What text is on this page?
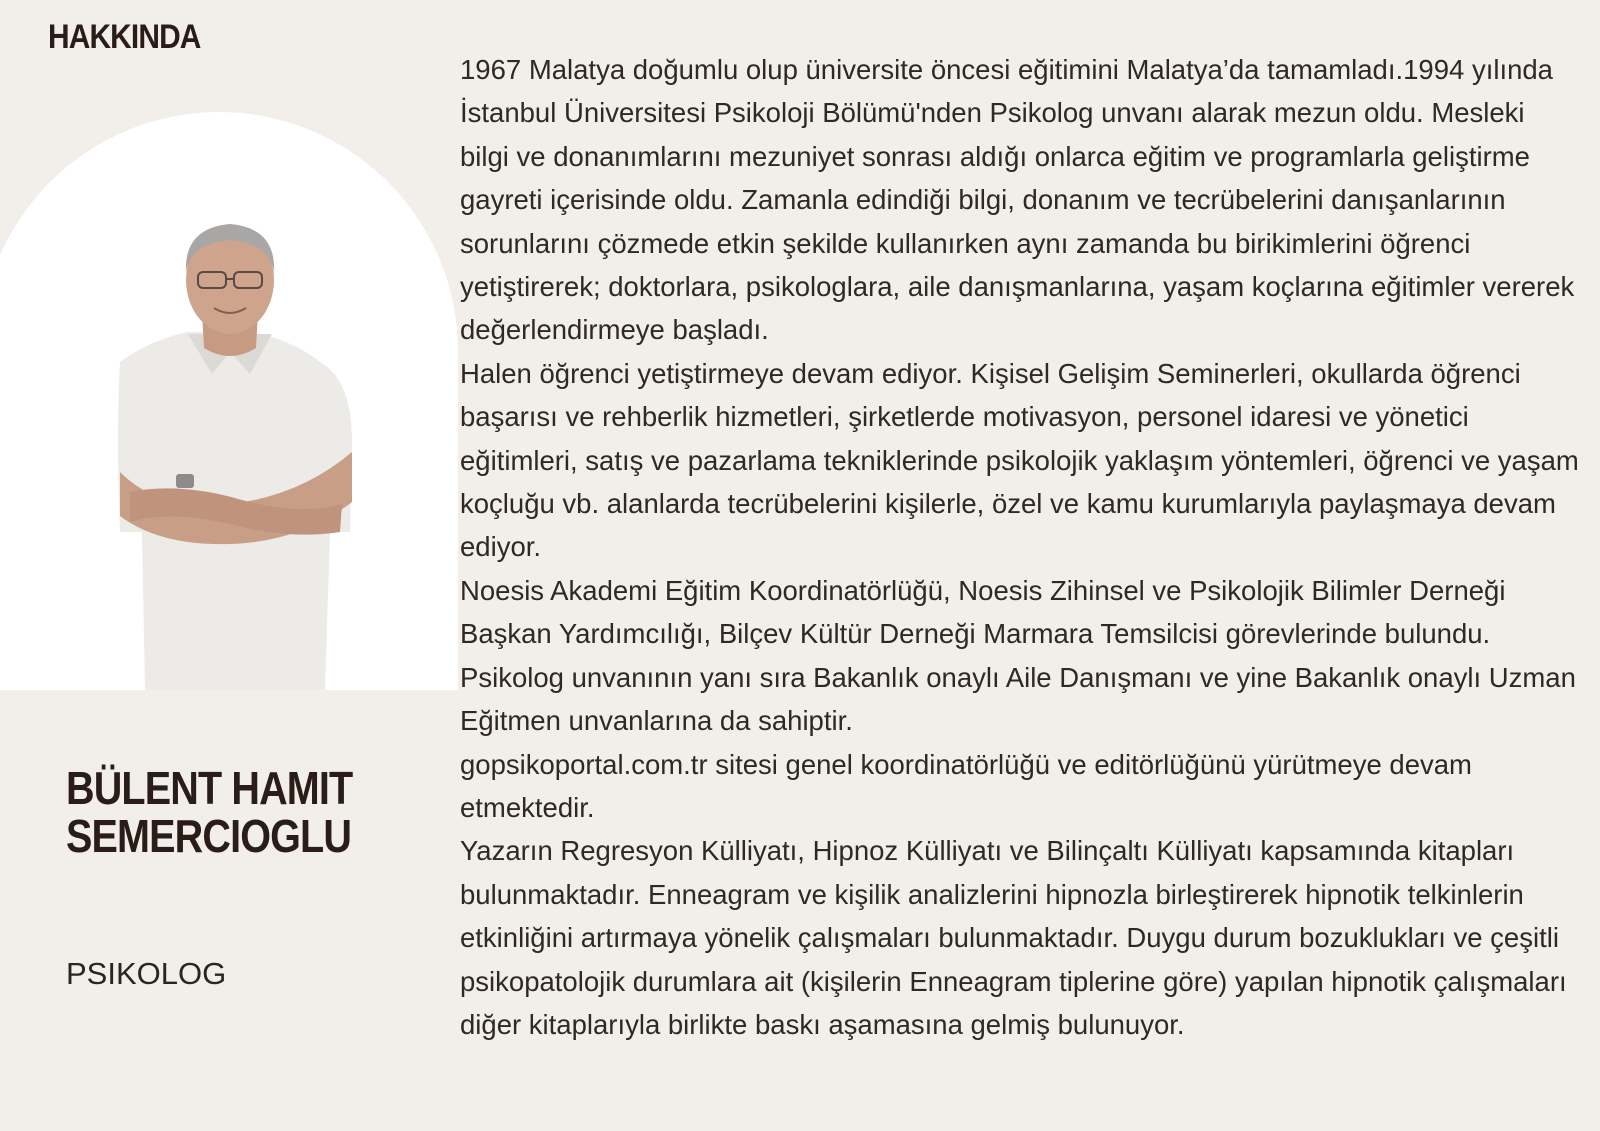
HAKKINDA
BÜLENT HAMIT
SEMERCIOGLU
PSIKOLOG

1967 Malatya doğumlu olup üniversite öncesi eğitimini Malatya’da tamamladı.1994 yılında İstanbul Üniversitesi Psikoloji Bölümü'nden Psikolog unvanı alarak mezun oldu. Mesleki bilgi ve donanımlarını mezuniyet sonrası aldığı onlarca eğitim ve programlarla geliştirme gayreti içerisinde oldu. Zamanla edindiği bilgi, donanım ve tecrübelerini danışanlarının sorunlarını çözmede etkin şekilde kullanırken aynı zamanda bu birikimlerini öğrenci yetiştirerek; doktorlara, psikologlara, aile danışmanlarına, yaşam koçlarına eğitimler vererek değerlendirmeye başladı.

Halen öğrenci yetiştirmeye devam ediyor. Kişisel Gelişim Seminerleri, okullarda öğrenci başarısı ve rehberlik hizmetleri, şirketlerde motivasyon, personel idaresi ve yönetici eğitimleri, satış ve pazarlama tekniklerinde psikolojik yaklaşım yöntemleri, öğrenci ve yaşam koçluğu vb. alanlarda tecrübelerini kişilerle, özel ve kamu kurumlarıyla paylaşmaya devam ediyor.

Noesis Akademi Eğitim Koordinatörlüğü, Noesis Zihinsel ve Psikolojik Bilimler Derneği Başkan Yardımcılığı, Bilçev Kültür Derneği Marmara Temsilcisi görevlerinde bulundu.

Psikolog unvanının yanı sıra Bakanlık onaylı Aile Danışmanı ve yine Bakanlık onaylı Uzman Eğitmen unvanlarına da sahiptir.

gopsikoportal.com.tr sitesi genel koordinatörlüğü ve editörlüğünü yürütmeye devam etmektedir.

Yazarın Regresyon Külliyatı, Hipnoz Külliyatı ve Bilinçaltı Külliyatı kapsamında kitapları bulunmaktadır. Enneagram ve kişilik analizlerini hipnozla birleştirerek hipnotik telkinlerin etkinliğini artırmaya yönelik çalışmaları bulunmaktadır. Duygu durum bozuklukları ve çeşitli psikopatolojik durumlara ait (kişilerin Enneagram tiplerine göre) yapılan hipnotik çalışmaları diğer kitaplarıyla birlikte baskı aşamasına gelmiş bulunuyor.
